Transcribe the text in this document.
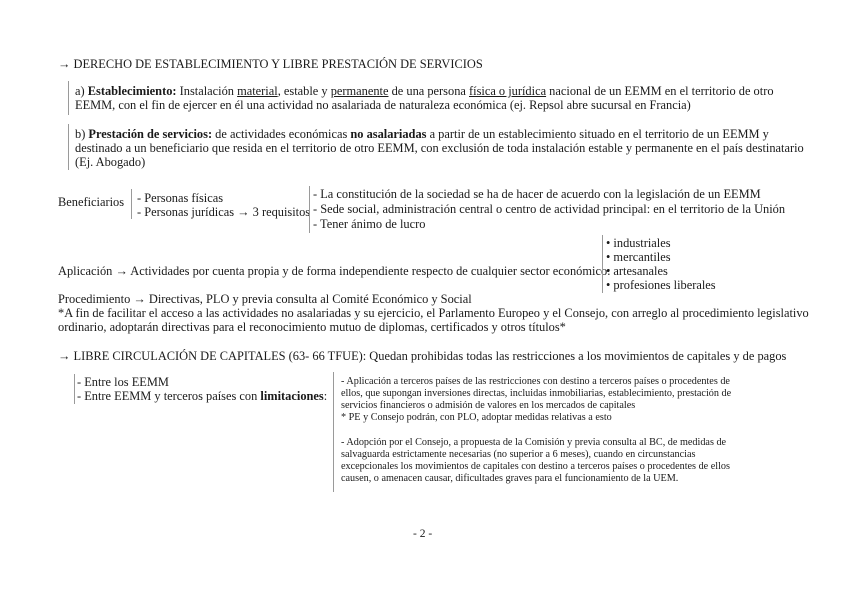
→ DERECHO DE ESTABLECIMIENTO Y LIBRE PRESTACIÓN DE SERVICIOS
a) Establecimiento: Instalación material, estable y permanente de una persona física o jurídica nacional de un EEMM en el territorio de otro
EEMM, con el fin de ejercer en él una actividad no asalariada de naturaleza económica (ej. Repsol abre sucursal en Francia)
b) Prestación de servicios: de actividades económicas no asalariadas a partir de un establecimiento situado en el territorio de un EEMM y
destinado a un beneficiario que resida en el territorio de otro EEMM, con exclusión de toda instalación estable y permanente en el país destinatario
(Ej. Abogado)
Beneficiarios - Personas físicas
- Personas jurídicas → 3 requisitos
- La constitución de la sociedad se ha de hacer de acuerdo con la legislación de un EEMM
- Sede social, administración central o centro de actividad principal: en el territorio de la Unión
- Tener ánimo de lucro
Aplicación → Actividades por cuenta propia y de forma independiente respecto de cualquier sector económico:
• industriales
• mercantiles
• artesanales
• profesiones liberales
Procedimiento → Directivas, PLO y previa consulta al Comité Económico y Social
*A fin de facilitar el acceso a las actividades no asalariadas y su ejercicio, el Parlamento Europeo y el Consejo, con arreglo al procedimiento legislativo
ordinario, adoptarán directivas para el reconocimiento mutuo de diplomas, certificados y otros títulos*
→ LIBRE CIRCULACIÓN DE CAPITALES (63- 66 TFUE): Quedan prohibidas todas las restricciones a los movimientos de capitales y de pagos
- Entre los EEMM
- Entre EEMM y terceros países con limitaciones:
- Aplicación a terceros países de las restricciones con destino a terceros países o procedentes de
ellos, que supongan inversiones directas, incluidas inmobiliarias, establecimiento, prestación de
servicios financieros o admisión de valores en los mercados de capitales
* PE y Consejo podrán, con PLO, adoptar medidas relativas a esto
- Adopción por el Consejo, a propuesta de la Comisión y previa consulta al BC, de medidas de
salvaguarda estrictamente necesarias (no superior a 6 meses), cuando en circunstancias
excepcionales los movimientos de capitales con destino a terceros países o procedentes de ellos
causen, o amenacen causar, dificultades graves para el funcionamiento de la UEM.
- 2 -
